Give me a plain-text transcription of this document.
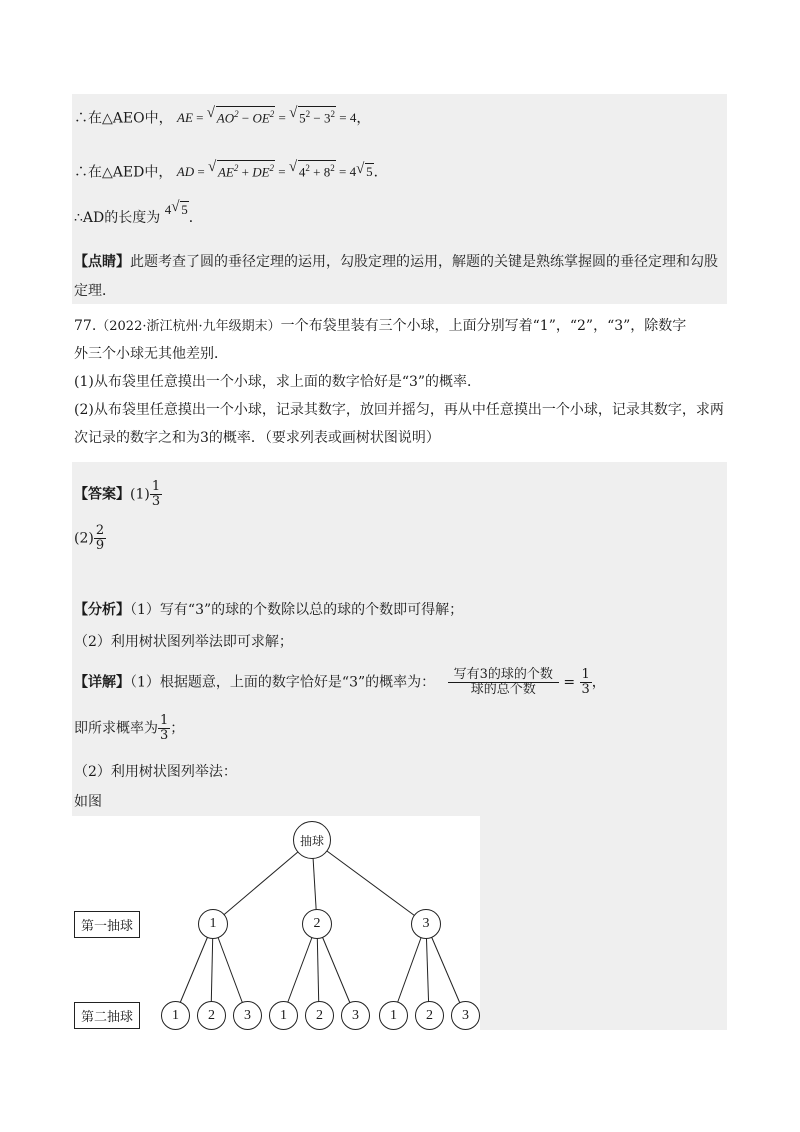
∴在△AEO中， AE = √ $AO^2 - OE^2$ = √ $5^2 - 3^2 = 4$，
∴在△AED中， AD = √ $AE^2 + DE^2$ = √ $4^2 + 8^2 = 4√$ 5．
∴AD的长度为 4√ 5．
【点睛】此题考查了圆的垂径定理的运用，勾股定理的运用，解题的关键是熟练掌握圆的垂径定理和勾股
定理．
77.（2022·浙江杭州·九年级期末）一个布袋里装有三个小球，上面分别写着“1”，“2”，“3”，除数字
外三个小球无其他差别．
(1)从布袋里任意摸出一个小球，求上面的数字恰好是“3”的概率．
(2)从布袋里任意摸出一个小球，记录其数字，放回并摇匀，再从中任意摸出一个小球，记录其数字，求两
次记录的数字之和为3的概率．（要求列表或画树状图说明）
【答案】$(1) \frac{1}{3}$
$(2) \frac{2}{9}$
【分析】（1）写有“3”的球的个数除以总的球的个数即可得解；
（2）利用树状图列举法即可求解；
【详解】（1）根据题意，上面的数字恰好是“3”的概率为： $\frac{\text{写有3的球的个数}}{\text{球的总个数}} = \frac{1}{3}$ ，
即所求概率为 $\frac{1}{3}$ ；
（2）利用树状图列举法：
如图
抽球
第一抽球
第二抽球
1	2	3
1	2	3	1	2	3	1	2	3
